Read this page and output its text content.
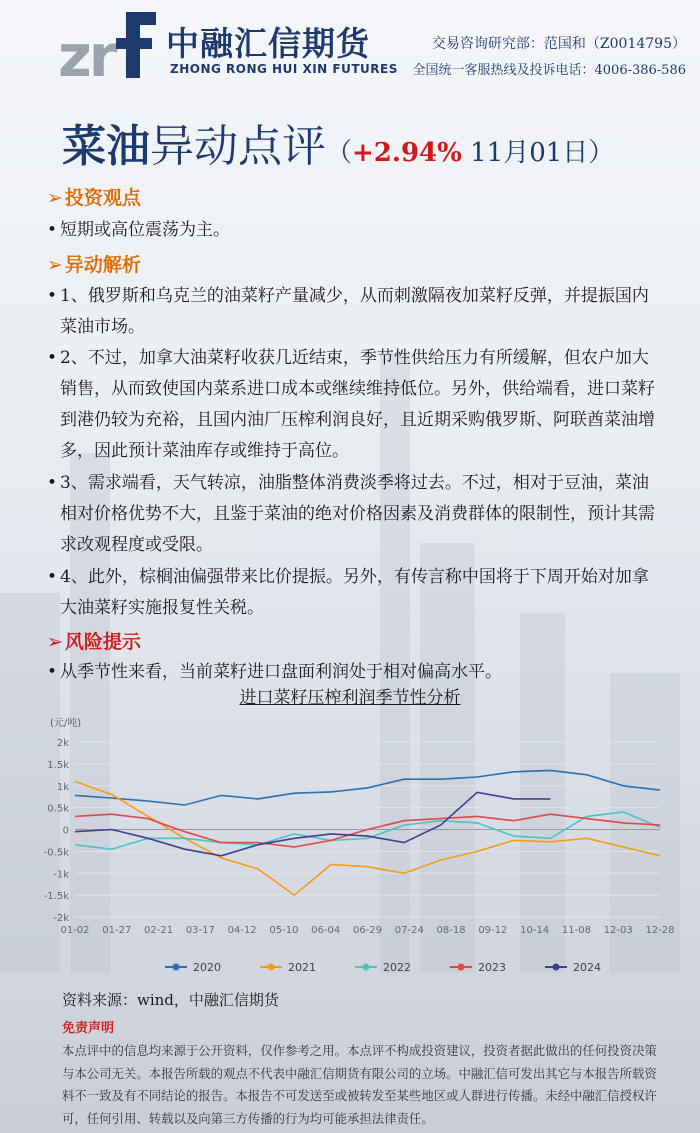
zr 中融汇信期货
ZHONG RONG HUI XIN FUTURES
交易咨询研究部：范国和（Z0014795）
全国统一客服热线及投诉电话：4006-386-586
菜油异动点评（+2.94% 11月01日）
➢ 投资观点
• 短期或高位震荡为主。
➢ 异动解析
• 1、俄罗斯和乌克兰的油菜籽产量减少，从而刺激隔夜加菜籽反弹，并提振国内菜油市场。
• 2、不过，加拿大油菜籽收获几近结束，季节性供给压力有所缓解，但农户加大销售，从而致使国内菜系进口成本或继续维持低位。另外，供给端看，进口菜籽到港仍较为充裕，且国内油厂压榨利润良好，且近期采购俄罗斯、阿联酋菜油增多，因此预计菜油库存或维持于高位。
• 3、需求端看，天气转凉，油脂整体消费淡季将过去。不过，相对于豆油，菜油相对价格优势不大，且鉴于菜油的绝对价格因素及消费群体的限制性，预计其需求改观程度或受限。
• 4、此外，棕榈油偏强带来比价提振。另外，有传言称中国将于下周开始对加拿大油菜籽实施报复性关税。
➢ 风险提示
• 从季节性来看，当前菜籽进口盘面利润处于相对偏高水平。
进口菜籽压榨利润季节性分析
(元/吨)
2k
1.5k
1k
0.5k
0
-0.5k
-1k
-1.5k
-2k
01-02 01-27 02-21 03-17 04-12 05-10 06-04 06-29 07-24 08-18 09-12 10-14 11-08 12-03 12-28
2020	2021	2022	2023	2024
资料来源：wind，中融汇信期货
免责声明
本点评中的信息均来源于公开资料，仅作参考之用。本点评不构成投资建议，投资者据此做出的任何投资决策与本公司无关。本报告所载的观点不代表中融汇信期货有限公司的立场。中融汇信可发出其它与本报告所载资料不一致及有不同结论的报告。本报告不可发送至或被转发至某些地区或人群进行传播。未经中融汇信授权许可，任何引用、转载以及向第三方传播的行为均可能承担法律责任。
